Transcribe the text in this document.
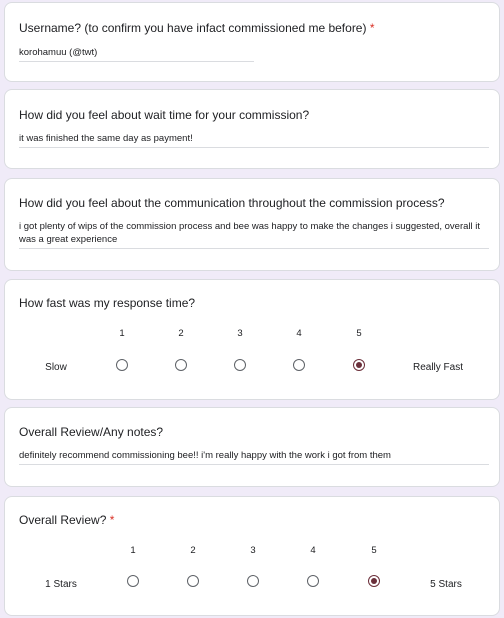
Username? (to confirm you have infact commissioned me before) *
korohamuu (@twt)
How did you feel about wait time for your commission?
it was finished the same day as payment!
How did you feel about the communication throughout the commission process?
i got plenty of wips of the commission process and bee was happy to make the changes i suggested, overall it was a great experience
How fast was my response time?
1	2	3	4	5
Slow	Really Fast
Overall Review/Any notes?
definitely recommend commissioning bee!! i'm really happy with the work i got from them
Overall Review? *
1	2	3	4	5
1 Stars	5 Stars
